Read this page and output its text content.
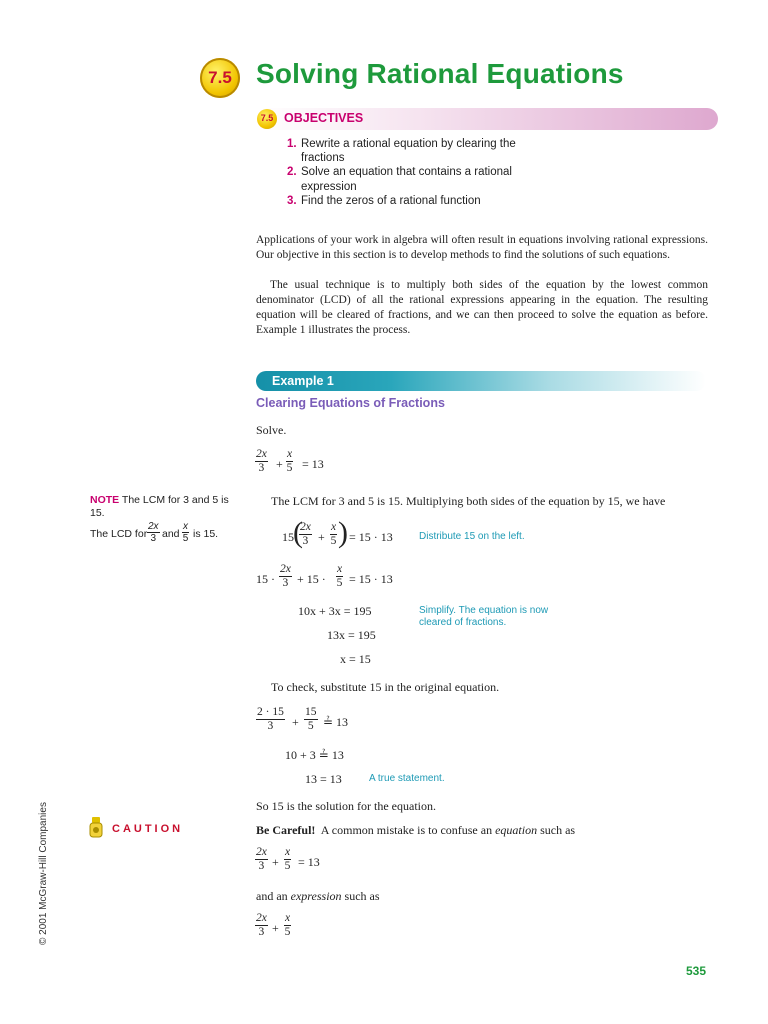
7.5 Solving Rational Equations
7.5 OBJECTIVES
1. Rewrite a rational equation by clearing the fractions
2. Solve an equation that contains a rational expression
3. Find the zeros of a rational function
Applications of your work in algebra will often result in equations involving rational expressions. Our objective in this section is to develop methods to find the solutions of such equations.
The usual technique is to multiply both sides of the equation by the lowest common denominator (LCD) of all the rational expressions appearing in the equation. The resulting equation will be cleared of fractions, and we can then proceed to solve the equation as before. Example 1 illustrates the process.
Example 1
Clearing Equations of Fractions
Solve.
$\frac{2x}{3} + \frac{x}{5} = 13$
NOTE The LCM for 3 and 5 is 15.
The LCD for $\frac{2x}{3}$ and $\frac{x}{5}$ is 15.
The LCM for 3 and 5 is 15. Multiplying both sides of the equation by 15, we have
15 (
$\frac{2x}{3} + \frac{x}{5}$ ) = 15 · 13	Distribute 15 on the left.
$15 \cdot \frac{2x}{3} + 15 \cdot \frac{x}{5} = 15 \cdot 13$
10x + 3x = 195	Simplify. The equation is now cleared of fractions.
13x = 195
x = 15
To check, substitute 15 in the original equation.
$\frac{2 \cdot 15}{3} + \frac{15}{5}$ ≟ 13
10 + 3 ≟ 13
13 = 13	A true statement.
So 15 is the solution for the equation.
CAUTION	Be Careful! A common mistake is to confuse an equation such as
$\frac{2x}{3} + \frac{x}{5} = 13$
and an expression such as
$\frac{2x}{3} + \frac{x}{5}$
© 2001 McGraw-Hill Companies
535
